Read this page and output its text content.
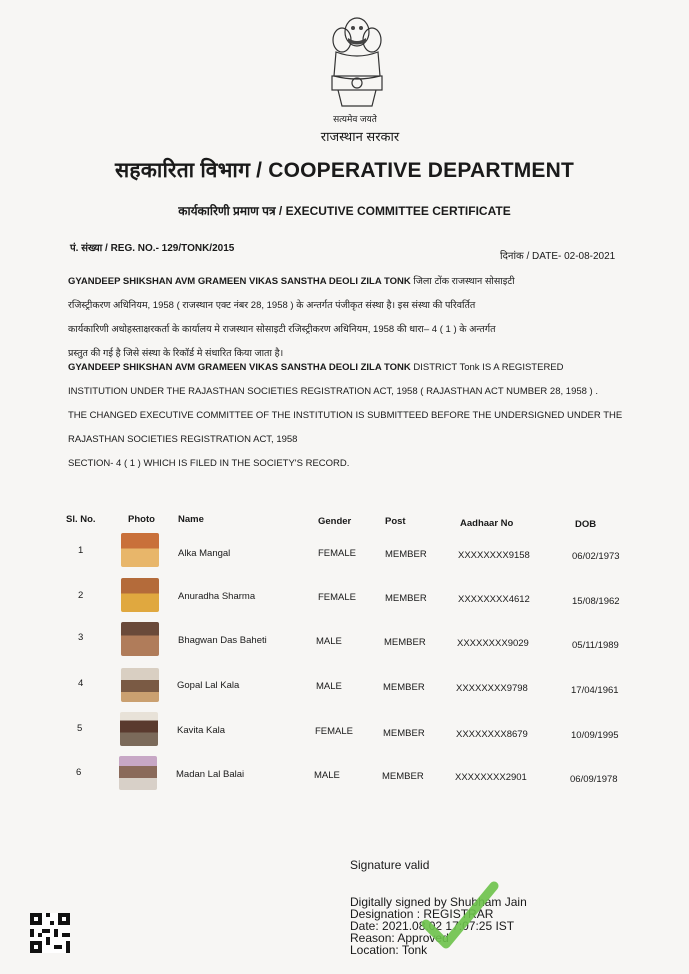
सत्यमेव जयते
राजस्थान सरकार
सहकारिता विभाग / COOPERATIVE DEPARTMENT
कार्यकारिणी प्रमाण पत्र / EXECUTIVE COMMITTEE CERTIFICATE
पं. संख्या / REG. NO.- 129/TONK/2015
दिनांक / DATE- 02-08-2021
GYANDEEP SHIKSHAN AVM GRAMEEN VIKAS SANSTHA DEOLI ZILA TONK जिला टोंक राजस्थान सोसाइटी
रजिस्ट्रीकरण अधिनियम, 1958 ( राजस्थान एक्ट नंबर 28, 1958 ) के अन्तर्गत पंजीकृत संस्था है। इस संस्था की परिवर्तित
कार्यकारिणी अधोहस्ताक्षरकर्ता के कार्यालय मे राजस्थान सोसाइटी रजिस्ट्रीकरण अधिनियम, 1958 की धारा– 4 ( 1 ) के अन्तर्गत
प्रस्तुत की गई है जिसे संस्था के रिकॉर्ड मे संधारित किया जाता है।
GYANDEEP SHIKSHAN AVM GRAMEEN VIKAS SANSTHA DEOLI ZILA TONK DISTRICT Tonk IS A REGISTERED
INSTITUTION UNDER THE RAJASTHAN SOCIETIES REGISTRATION ACT, 1958 ( RAJASTHAN ACT NUMBER 28, 1958 ) .
THE CHANGED EXECUTIVE COMMITTEE OF THE INSTITUTION IS SUBMITTEED BEFORE THE UNDERSIGNED UNDER THE
RAJASTHAN SOCIETIES REGISTRATION ACT, 1958
SECTION- 4 ( 1 ) WHICH IS FILED IN THE SOCIETY'S RECORD.
Sl. No.	Photo Name	Gender	Post	Aadhaar No	DOB
1	Alka Mangal	FEMALE	MEMBER	XXXXXXXX9158	06/02/1973
2	Anuradha Sharma	FEMALE	MEMBER	XXXXXXXX4612	15/08/1962
3	Bhagwan Das Baheti	MALE	MEMBER	XXXXXXXX9029	05/11/1989
4	Gopal Lal Kala	MALE	MEMBER	XXXXXXXX9798	17/04/1961
5	Kavita Kala	FEMALE	MEMBER	XXXXXXXX8679	10/09/1995
6	Madan Lal Balai	MALE	MEMBER	XXXXXXXX2901	06/09/1978
Signature valid
Digitally signed by Shubham Jain
Designation : REGISTRAR
Date: 2021.08.02 17:07:25 IST
Reason: Approved
Location: Tonk
